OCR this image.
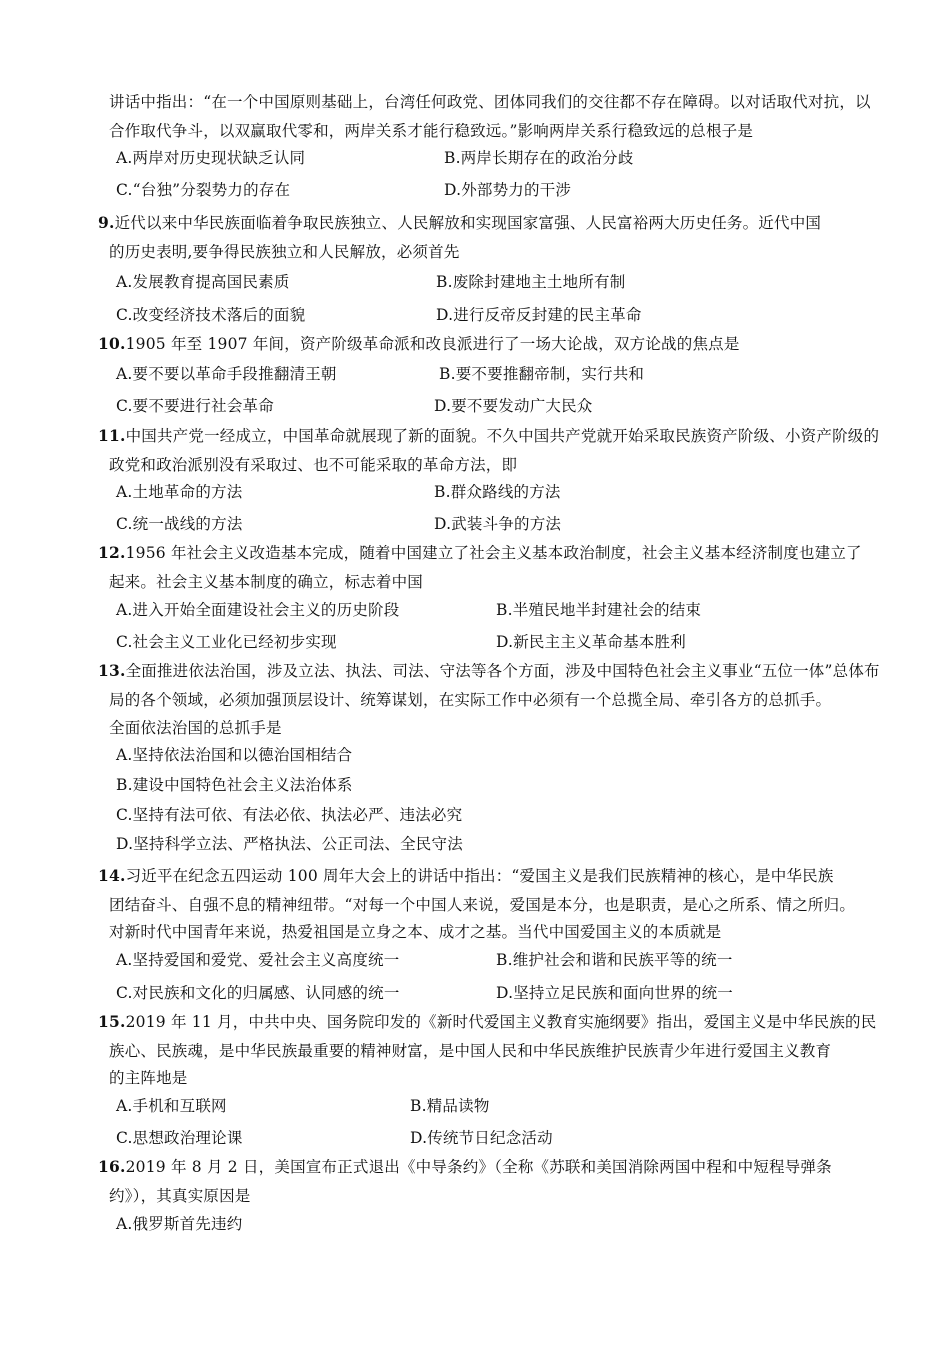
讲话中指出：“在一个中国原则基础上，台湾任何政党、团体同我们的交往都不存在障碍。以对话取代对抗，以
合作取代争斗，以双赢取代零和，两岸关系才能行稳致远。”影响两岸关系行稳致远的总根子是
A.两岸对历史现状缺乏认同	B.两岸长期存在的政治分歧
C.“台独”分裂势力的存在	D.外部势力的干涉
9.近代以来中华民族面临着争取民族独立、人民解放和实现国家富强、人民富裕两大历史任务。近代中国
的历史表明,要争得民族独立和人民解放，必须首先
A.发展教育提高国民素质	B.废除封建地主土地所有制
C.改变经济技术落后的面貌	D.进行反帝反封建的民主革命
10.1905 年至 1907 年间，资产阶级革命派和改良派进行了一场大论战，双方论战的焦点是
A.要不要以革命手段推翻清王朝	B.要不要推翻帝制，实行共和
C.要不要进行社会革命	D.要不要发动广大民众
11.中国共产党一经成立，中国革命就展现了新的面貌。不久中国共产党就开始采取民族资产阶级、小资产阶级的
政党和政治派别没有采取过、也不可能采取的革命方法，即
A.土地革命的方法	B.群众路线的方法
C.统一战线的方法	D.武装斗争的方法
12.1956 年社会主义改造基本完成，随着中国建立了社会主义基本政治制度，社会主义基本经济制度也建立了
起来。社会主义基本制度的确立，标志着中国
A.进入开始全面建设社会主义的历史阶段	B.半殖民地半封建社会的结束
C.社会主义工业化已经初步实现	D.新民主主义革命基本胜利
13.全面推进依法治国，涉及立法、执法、司法、守法等各个方面，涉及中国特色社会主义事业“五位一体”总体布
局的各个领域，必须加强顶层设计、统筹谋划，在实际工作中必须有一个总揽全局、牵引各方的总抓手。
全面依法治国的总抓手是
A.坚持依法治国和以德治国相结合
B.建设中国特色社会主义法治体系
C.坚持有法可依、有法必依、执法必严、违法必究
D.坚持科学立法、严格执法、公正司法、全民守法
14.习近平在纪念五四运动 100 周年大会上的讲话中指出：“爱国主义是我们民族精神的核心，是中华民族
团结奋斗、自强不息的精神纽带。“对每一个中国人来说，爱国是本分，也是职责，是心之所系、情之所归。
对新时代中国青年来说，热爱祖国是立身之本、成才之基。当代中国爱国主义的本质就是
A.坚持爱国和爱党、爱社会主义高度统一	B.维护社会和谐和民族平等的统一
C.对民族和文化的归属感、认同感的统一	D.坚持立足民族和面向世界的统一
15.2019 年 11 月，中共中央、国务院印发的《新时代爱国主义教育实施纲要》指出，爱国主义是中华民族的民
族心、民族魂，是中华民族最重要的精神财富，是中国人民和中华民族维护民族青少年进行爱国主义教育
的主阵地是
A.手机和互联网	B.精品读物
C.思想政治理论课	D.传统节日纪念活动
16.2019 年 8 月 2 日，美国宣布正式退出《中导条约》（全称《苏联和美国消除两国中程和中短程导弹条
约》），其真实原因是
A.俄罗斯首先违约
